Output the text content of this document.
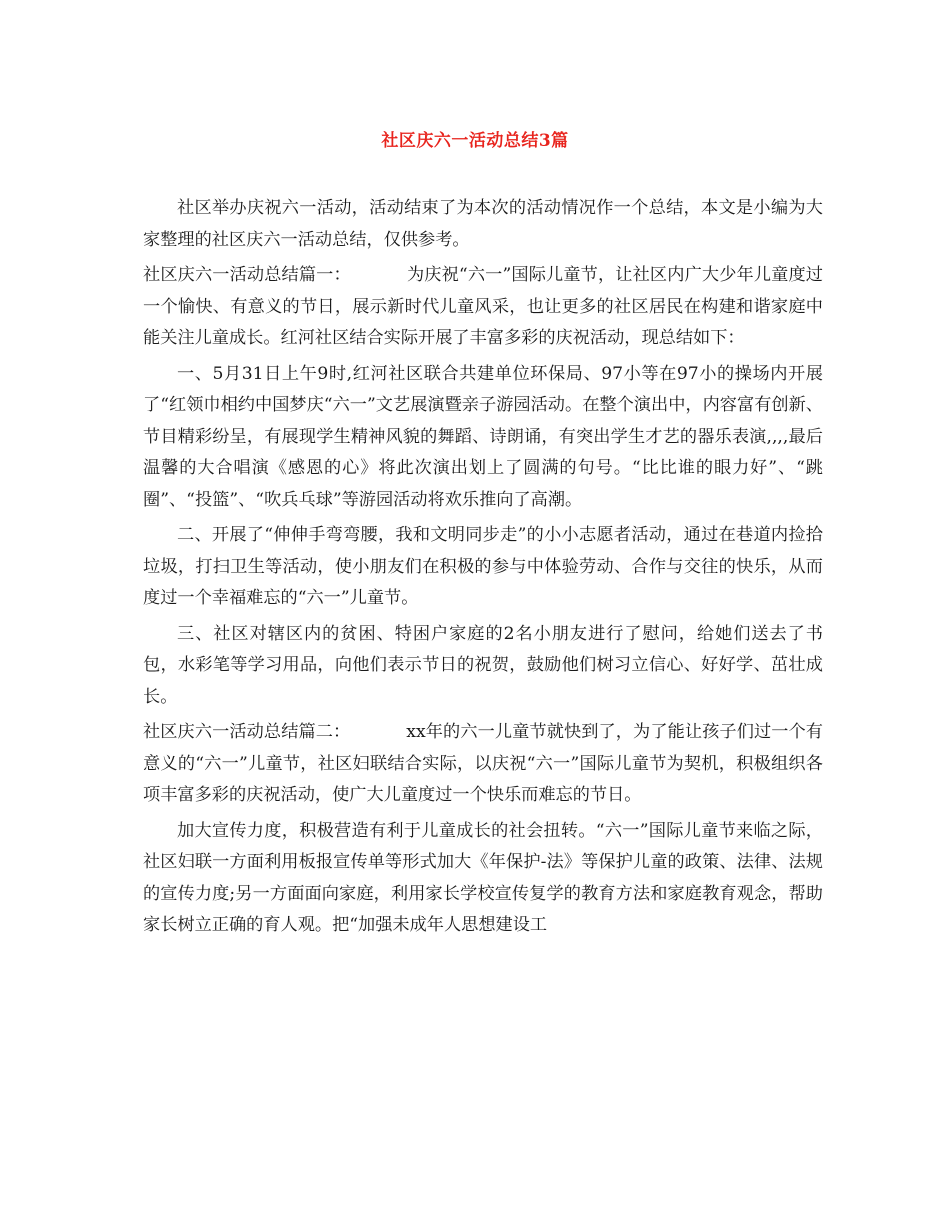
社区庆六一活动总结3篇

社区举办庆祝六一活动，活动结束了为本次的活动情况作一个总结，本文是小编为大家整理的社区庆六一活动总结，仅供参考。

社区庆六一活动总结篇一：	为庆祝“六一”国际儿童节，让社区内广大少年儿童度过一个愉快、有意义的节日，展示新时代儿童风采，也让更多的社区居民在构建和谐家庭中能关注儿童成长。红河社区结合实际开展了丰富多彩的庆祝活动，现总结如下：

一、5月31日上午9时,红河社区联合共建单位环保局、97小等在97小的操场内开展了“红领巾相约中国梦庆“六一”文艺展演暨亲子游园活动。在整个演出中，内容富有创新、节目精彩纷呈，有展现学生精神风貌的舞蹈、诗朗诵，有突出学生才艺的器乐表演,,,,最后温馨的大合唱演《感恩的心》将此次演出划上了圆满的句号。“比比谁的眼力好”、“跳圈”、“投篮”、“吹兵乓球”等游园活动将欢乐推向了高潮。

二、开展了“伸伸手弯弯腰，我和文明同步走”的小小志愿者活动，通过在巷道内捡拾垃圾，打扫卫生等活动，使小朋友们在积极的参与中体验劳动、合作与交往的快乐，从而度过一个幸福难忘的“六一”儿童节。

三、社区对辖区内的贫困、特困户家庭的2名小朋友进行了慰问，给她们送去了书包，水彩笔等学习用品，向他们表示节日的祝贺，鼓励他们树习立信心、好好学、茁壮成长。

社区庆六一活动总结篇二：	xx年的六一儿童节就快到了，为了能让孩子们过一个有意义的“六一”儿童节，社区妇联结合实际，以庆祝“六一”国际儿童节为契机，积极组织各项丰富多彩的庆祝活动，使广大儿童度过一个快乐而难忘的节日。

加大宣传力度，积极营造有利于儿童成长的社会扭转。“六一”国际儿童节来临之际，社区妇联一方面利用板报宣传单等形式加大《年保护-法》等保护儿童的政策、法律、法规的宣传力度;另一方面面向家庭，利用家长学校宣传复学的教育方法和家庭教育观念，帮助家长树立正确的育人观。把“加强未成年人思想建设工
